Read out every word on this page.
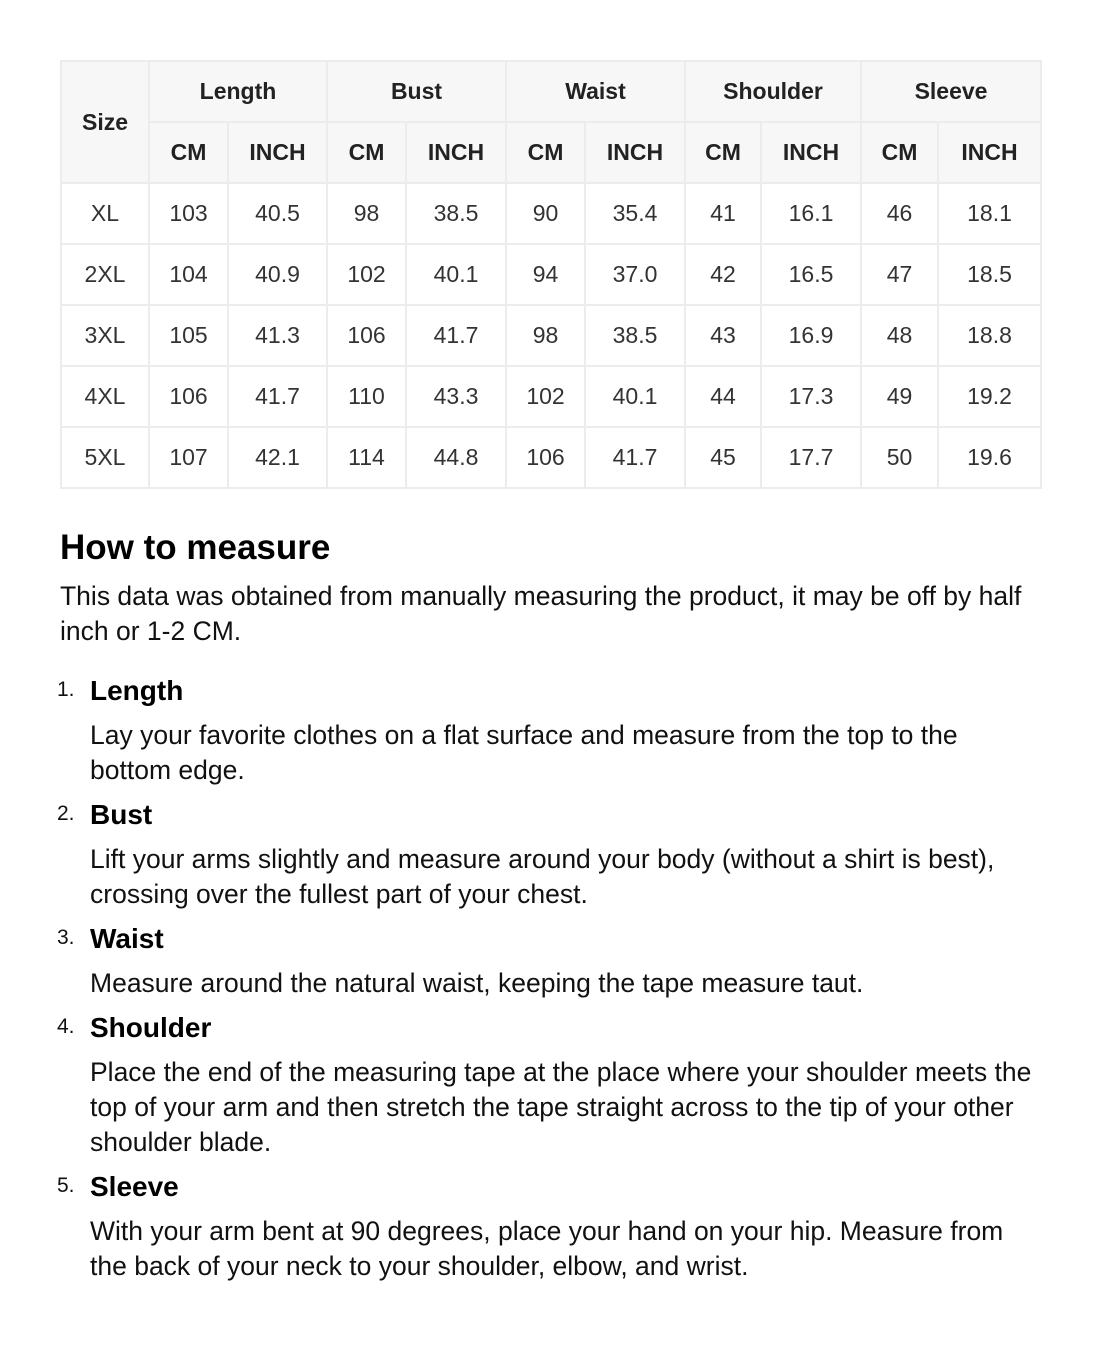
Size	Length		Bust		Waist		Shoulder		Sleeve	
	CM	INCH	CM	INCH	CM	INCH	CM	INCH	CM	INCH
XL	103	40.5	98	38.5	90	35.4	41	16.1	46	18.1
2XL	104	40.9	102	40.1	94	37.0	42	16.5	47	18.5
3XL	105	41.3	106	41.7	98	38.5	43	16.9	48	18.8
4XL	106	41.7	110	43.3	102	40.1	44	17.3	49	19.2
5XL	107	42.1	114	44.8	106	41.7	45	17.7	50	19.6
How to measure

This data was obtained from manually measuring the product, it may be off by half inch or 1-2 CM.

1. Length
Lay your favorite clothes on a flat surface and measure from the top to the bottom edge.
2. Bust
Lift your arms slightly and measure around your body (without a shirt is best), crossing over the fullest part of your chest.
3. Waist
Measure around the natural waist, keeping the tape measure taut.
4. Shoulder
Place the end of the measuring tape at the place where your shoulder meets the top of your arm and then stretch the tape straight across to the tip of your other shoulder blade.
5. Sleeve
With your arm bent at 90 degrees, place your hand on your hip. Measure from the back of your neck to your shoulder, elbow, and wrist.
